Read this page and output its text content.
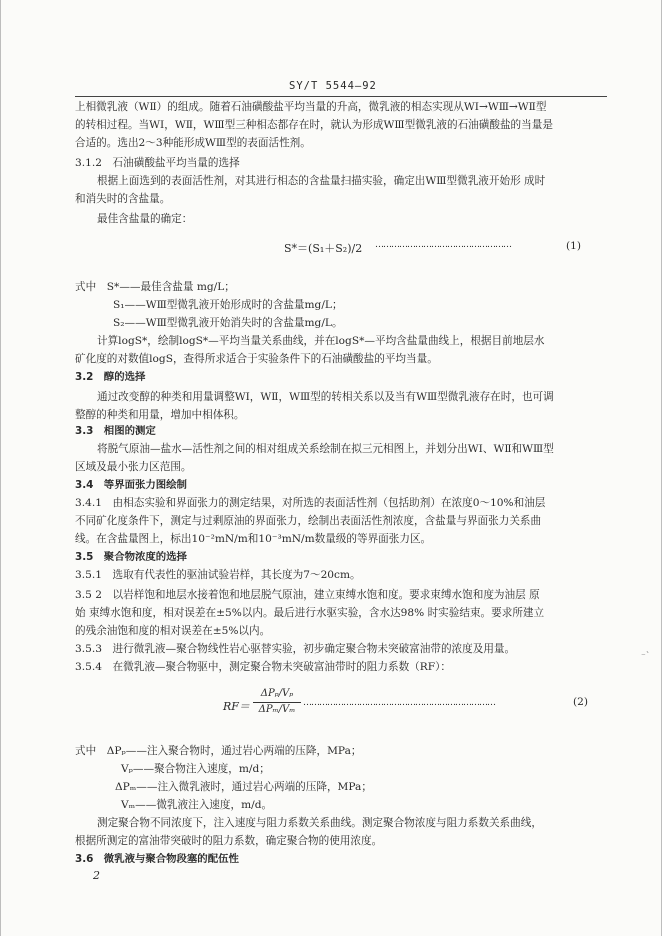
SY/T 5544—92
上相微乳液（WⅡ）的组成。随着石油磺酸盐平均当量的升高，微乳液的相态实现从WⅠ→WⅢ→WⅡ型
的转相过程。当WⅠ，WⅡ，WⅢ型三种相态都存在时，就认为形成WⅢ型微乳液的石油磺酸盐的当量是
合适的。选出2～3种能形成WⅢ型的表面活性剂。
3.1.2　石油磺酸盐平均当量的选择
根据上面选到的表面活性剂，对其进行相态的含盐量扫描实验，确定出WⅢ型微乳液开始形 成时
和消失时的含盐量。
最佳含盐量的确定：
S*＝(S₁＋S₂)/2 ……………………………………………	(1)
式中　S*——最佳含盐量 mg/L；
S₁——WⅢ型微乳液开始形成时的含盐量mg/L；
S₂——WⅢ型微乳液开始消失时的含盐量mg/L。
计算logS*，绘制logS*—平均当量关系曲线，并在logS*—平均含盐量曲线上，根据目前地层水
矿化度的对数值logS，查得所求适合于实验条件下的石油磺酸盐的平均当量。
3.2　醇的选择
通过改变醇的种类和用量调整WⅠ，WⅡ，WⅢ型的转相关系以及当有WⅢ型微乳液存在时，也可调
整醇的种类和用量，增加中相体积。
3.3　相图的测定
将脱气原油—盐水—活性剂之间的相对组成关系绘制在拟三元相图上，并划分出WⅠ、WⅡ和WⅢ型
区域及最小张力区范围。
3.4　等界面张力图绘制
3.4.1　由相态实验和界面张力的测定结果，对所选的表面活性剂（包括助剂）在浓度0～10%和油层
不同矿化度条件下，测定与过剩原油的界面张力，绘制出表面活性剂浓度，含盐量与界面张力关系曲
线。在含盐量图上，标出10⁻²mN/m和10⁻³mN/m数量级的等界面张力区。
3.5　聚合物浓度的选择
3.5.1　选取有代表性的驱油试验岩样，其长度为7～20cm。
3.5 2　以岩样饱和地层水接着饱和地层脱气原油，建立束缚水饱和度。要求束缚水饱和度为油层 原
始 束缚水饱和度，相对误差在±5%以内。最后进行水驱实验，含水达98% 时实验结束。要求所建立
的残余油饱和度的相对误差在±5%以内。
3.5.3　进行微乳液—聚合物线性岩心驱替实验，初步确定聚合物未突破富油带的浓度及用量。
3.5.4　在微乳液—聚合物驱中，测定聚合物未突破富油带时的阻力系数（RF）：
⁻ˋ
RF＝
ΔPₚ/Vₚ
ΔPₘ/Vₘ
………………………………………………………………	(2)
式中　ΔPₚ——注入聚合物时，通过岩心两端的压降，MPa；
Vₚ——聚合物注入速度，m/d；
ΔPₘ——注入微乳液时，通过岩心两端的压降，MPa；
Vₘ——微乳液注入速度，m/d。
测定聚合物不同浓度下，注入速度与阻力系数关系曲线。测定聚合物浓度与阻力系数关系曲线，
根据所测定的富油带突破时的阻力系数，确定聚合物的使用浓度。
3.6　微乳液与聚合物段塞的配伍性
2
